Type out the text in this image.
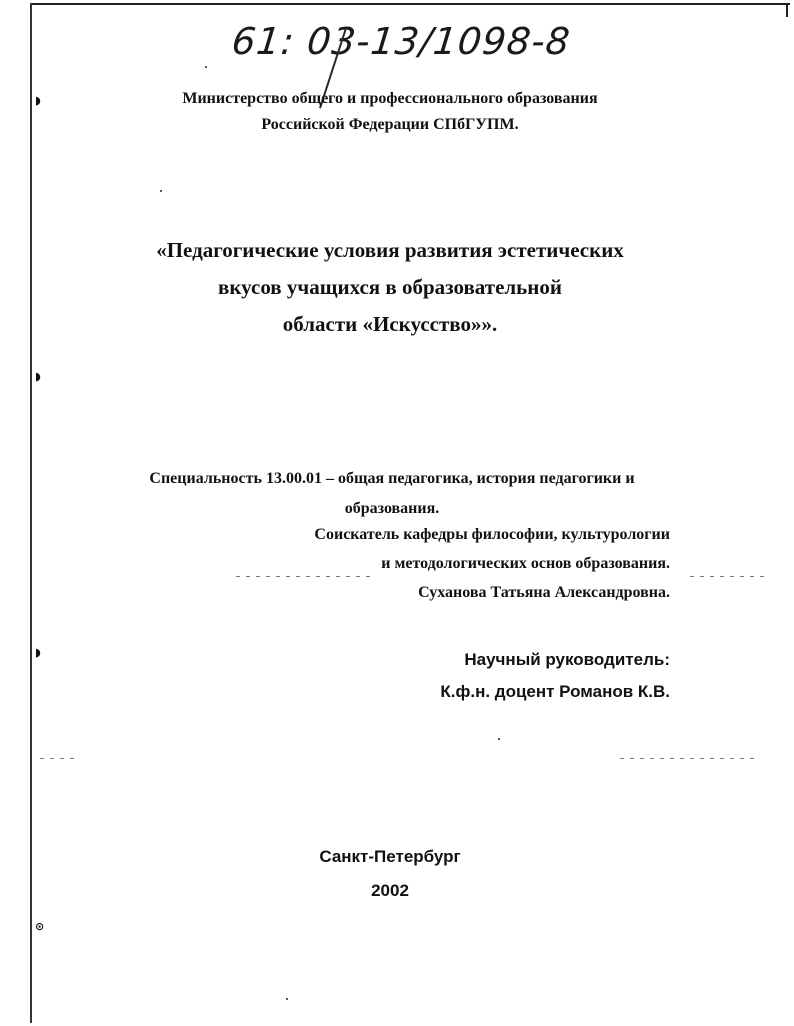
◗
◗
◗
⊙
61: 03-13/1098-8
Министерство общего и профессионального образования
Российской Федерации СПбГУПМ.
«Педагогические условия развития эстетических
вкусов учащихся в образовательной
области «Искусство»».
Специальность 13.00.01 – общая педагогика, история педагогики и
образования.
Соискатель кафедры философии, культурологии
и методологических основ образования.
Суханова Татьяна Александровна.
Научный руководитель:
К.ф.н. доцент Романов К.В.
Санкт-Петербург
2002
